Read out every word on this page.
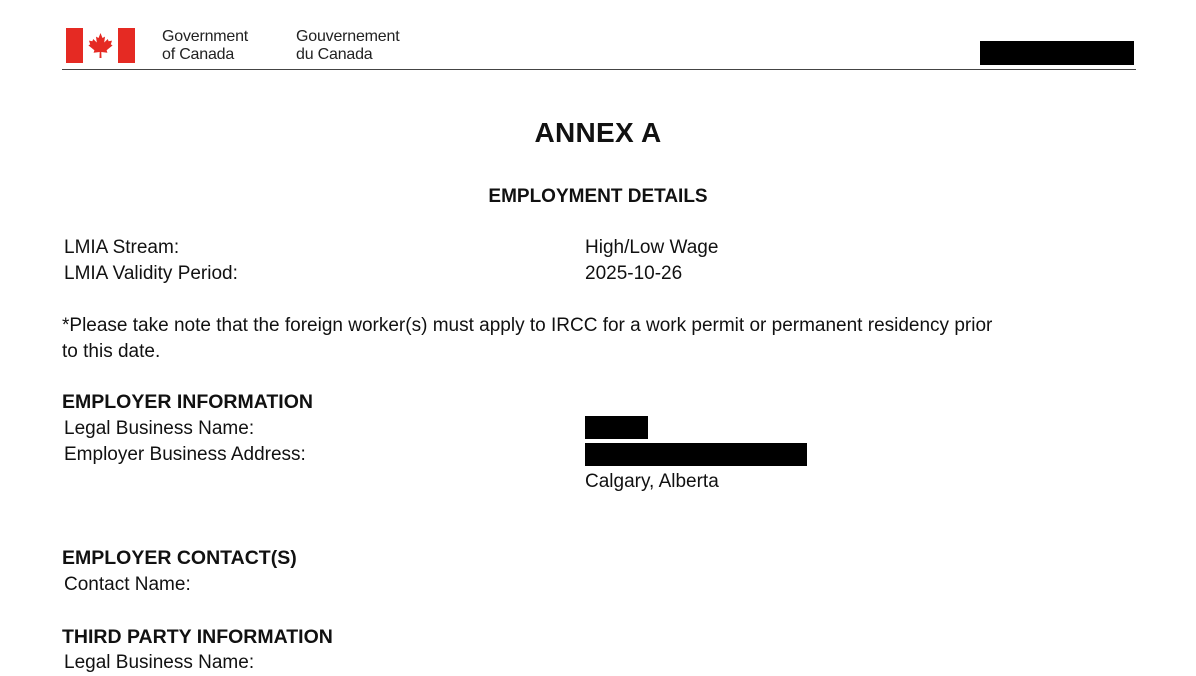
Government
of Canada
Gouvernement
du Canada
ANNEX A
EMPLOYMENT DETAILS
LMIA Stream:	High/Low Wage
LMIA Validity Period:	2025-10-26
*Please take note that the foreign worker(s) must apply to IRCC for a work permit or permanent residency prior
to this date.
EMPLOYER INFORMATION
Legal Business Name:
Employer Business Address:
Calgary, Alberta
EMPLOYER CONTACT(S)
Contact Name:
THIRD PARTY INFORMATION
Legal Business Name:
